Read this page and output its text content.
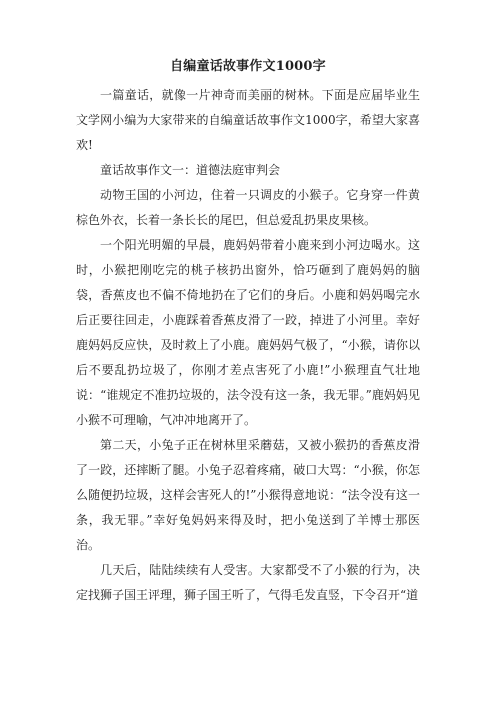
自编童话故事作文1000字

一篇童话，就像一片神奇而美丽的树林。下面是应届毕业生文学网小编为大家带来的自编童话故事作文1000字，希望大家喜欢!

童话故事作文一：道德法庭审判会

动物王国的小河边，住着一只调皮的小猴子。它身穿一件黄棕色外衣，长着一条长长的尾巴，但总爱乱扔果皮果核。

一个阳光明媚的早晨，鹿妈妈带着小鹿来到小河边喝水。这时，小猴把刚吃完的桃子核扔出窗外，恰巧砸到了鹿妈妈的脑袋，香蕉皮也不偏不倚地扔在了它们的身后。小鹿和妈妈喝完水后正要往回走，小鹿踩着香蕉皮滑了一跤，掉进了小河里。幸好鹿妈妈反应快，及时救上了小鹿。鹿妈妈气极了，“小猴，请你以后不要乱扔垃圾了，你刚才差点害死了小鹿!”小猴理直气壮地说：“谁规定不准扔垃圾的，法令没有这一条，我无罪。”鹿妈妈见小猴不可理喻，气冲冲地离开了。

第二天，小兔子正在树林里采蘑菇，又被小猴扔的香蕉皮滑了一跤，还摔断了腿。小兔子忍着疼痛，破口大骂：“小猴，你怎么随便扔垃圾，这样会害死人的!”小猴得意地说：“法令没有这一条，我无罪。”幸好兔妈妈来得及时，把小兔送到了羊博士那医治。

几天后，陆陆续续有人受害。大家都受不了小猴的行为，决定找狮子国王评理，狮子国王听了，气得毛发直竖，下令召开“道
